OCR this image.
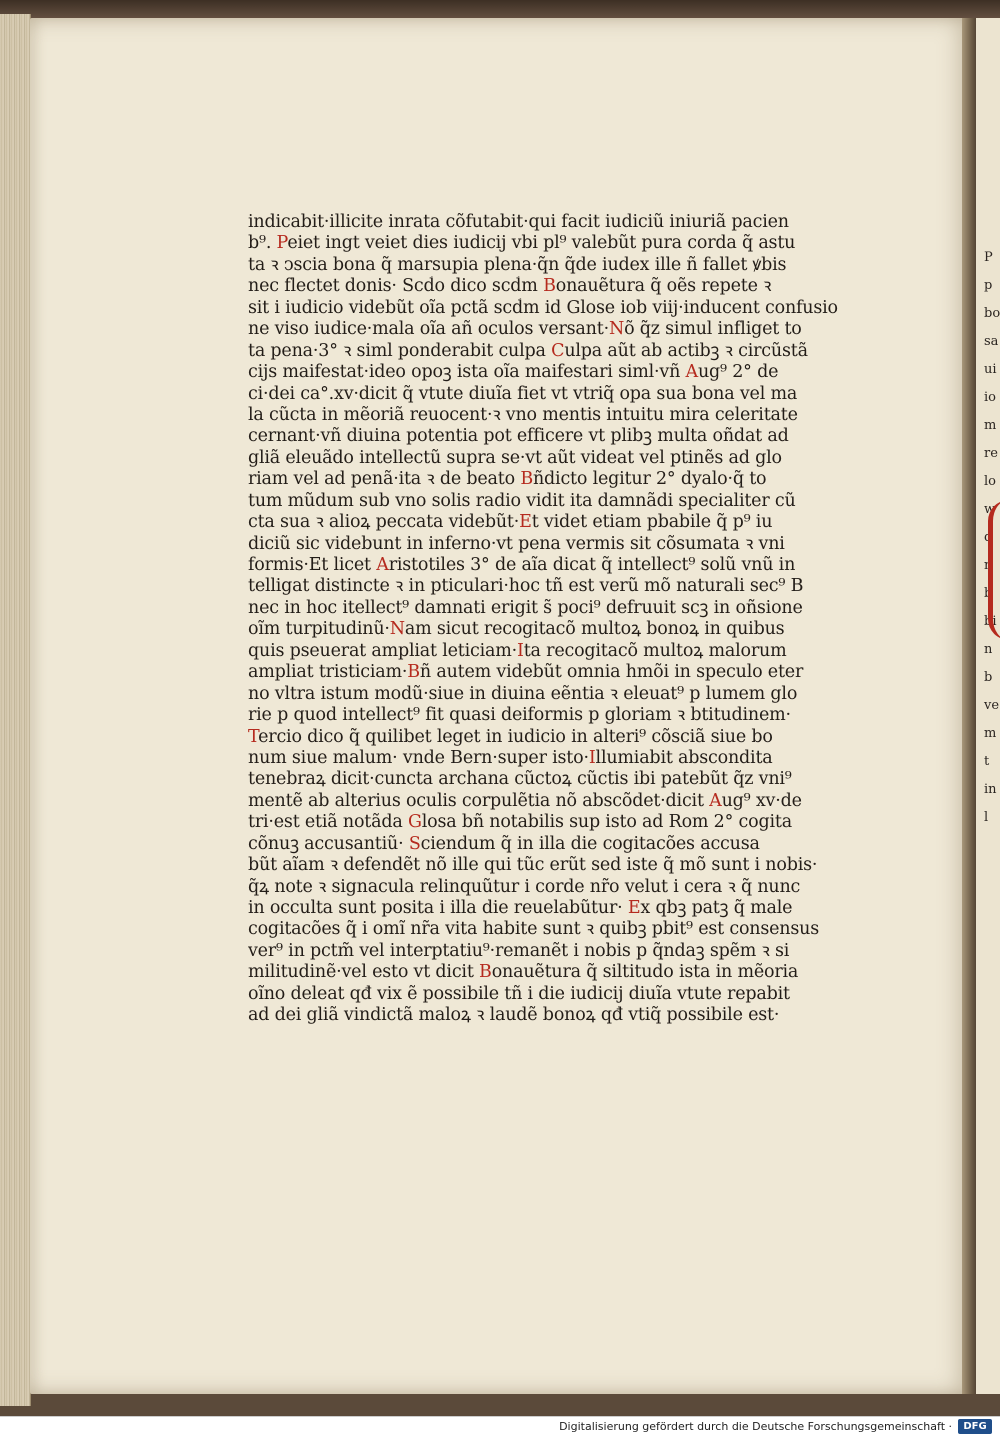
P
p
bo
sa
ui
io
m
re
lo
w
d
n
b
bi
n
b
ve
m
t
in
l
indicabit·illicite inrata cõfutabit·qui facit iudiciũ iniuriã pacien
b⁹. Peiet ingt veiet dies iudicij vbi pl⁹ valebũt pura corda q̃ astu
ta ꝛ ↄscia bona q̃ marsupia plena·q̃n q̃de iudex ille ñ fallet ꝟbis
nec flectet donis· Scḋo dico scḋm Bonauẽtura q̃ oẽs repete ꝛ
sit i iudicio videbũt oĩa pctã scḋm id Glose iob viij·inducent confusio
ne viso iudice·mala oĩa añ oculos versant·Nõ q̃z simul infliget to
ta pena·3° ꝛ siml ponderabit culpa Culpa aũt ab actibꝫ ꝛ circũstã
cijs maifestat·ideo opoꝫ ista oĩa maifestari siml·vñ Aug⁹ 2° de
ci·dei ca°.xv·dicit q̃ vtute diuĩa fiet vt vtriq̃ opa sua bona vel ma
la cũcta in mẽoriã reuocent·ꝛ vno mentis intuitu mira celeritate
cernant·vñ diuina potentia pot efficere vt plibꝫ multa oñdat ad
gliã eleuãdo intellectũ supra se·vt aũt videat vel ptinẽs ad glo
riam vel ad penã·ita ꝛ de beato Bñdicto legitur 2° dyalo·q̃ to
tum mũdum sub vno solis radio vidit ita damnãdi specialiter cũ
cta sua ꝛ alioꝝ peccata videbũt·Et videt etiam pbabile q̃ p⁹ iu
diciũ sic videbunt in inferno·vt pena vermis sit cõsumata ꝛ vni
formis·Et licet Aristotiles 3° de aĩa dicat q̃ intellect⁹ solũ vnũ in
telligat distincte ꝛ in pticulari·hoc tñ est verũ mõ naturali sec⁹ B
nec in hoc itellect⁹ damnati erigit̃ s̃ poci⁹ defruuit̃ scꝫ in oñsione
oĩm turpitudinũ·Nam sicut recogitacõ multoꝝ bonoꝝ in quibus
quis pseuerat ampliat leticiam·Ita recogitacõ multoꝝ malorum
ampliat tristiciam·Bñ autem videbũt omnia hmõi in speculo eter
no vltra istum modũ·siue in diuina eẽntia ꝛ eleuat⁹ p lumem glo
rie p quod intellect⁹ fit quasi deiformis p gloriam ꝛ btitudinem·
Tercio dico q̃ quilibet leget in iudicio in alteri⁹ cõsciã siue bo
num siue malum· vnde Bern·super isto·Illumiabit abscondita
tenebraꝝ dicit·cuncta archana cũctoꝝ cũctis ibi patebũt q̃z vni⁹
mentẽ ab alterius oculis corpulẽtia nõ abscõdet·dicit Aug⁹ xv·de
tri·est etiã notãda Glosa bñ notabilis sup isto ad Rom 2° cogita
cõnuꝫ accusantiũ· Sciendum q̃ in illa die cogitacões accusa
bũt aĩam ꝛ defendẽt nõ ille qui tũc erũt sed iste q̃ mõ sunt i nobis·
q̃ꝝ note ꝛ signacula relinquũtur i corde nr̃o velut i cera ꝛ q̃ nunc
in occulta sunt posita i illa die reuelabũtur· Ex qbꝫ patꝫ q̃ male
cogitacões q̃ i omĩ nr̃a vita habite sunt ꝛ quibꝫ pbit⁹ est consensus
ver⁹ in pctm̃ vel interptatiu⁹·remanẽt i nobis p q̃ndaꝫ spẽm ꝛ si
militudinẽ·vel esto vt dicit Bonauẽtura q̃ siltitudo ista in mẽoria
oĩno deleat̃ qđ vix ẽ possibile tñ i die iudicij diuĩa vtute repabit
ad dei gliã vindictã maloꝝ ꝛ laudẽ bonoꝝ qđ vtiq̃ possibile est·
Digitalisierung gefördert durch die Deutsche Forschungsgemeinschaft ·	DFG
